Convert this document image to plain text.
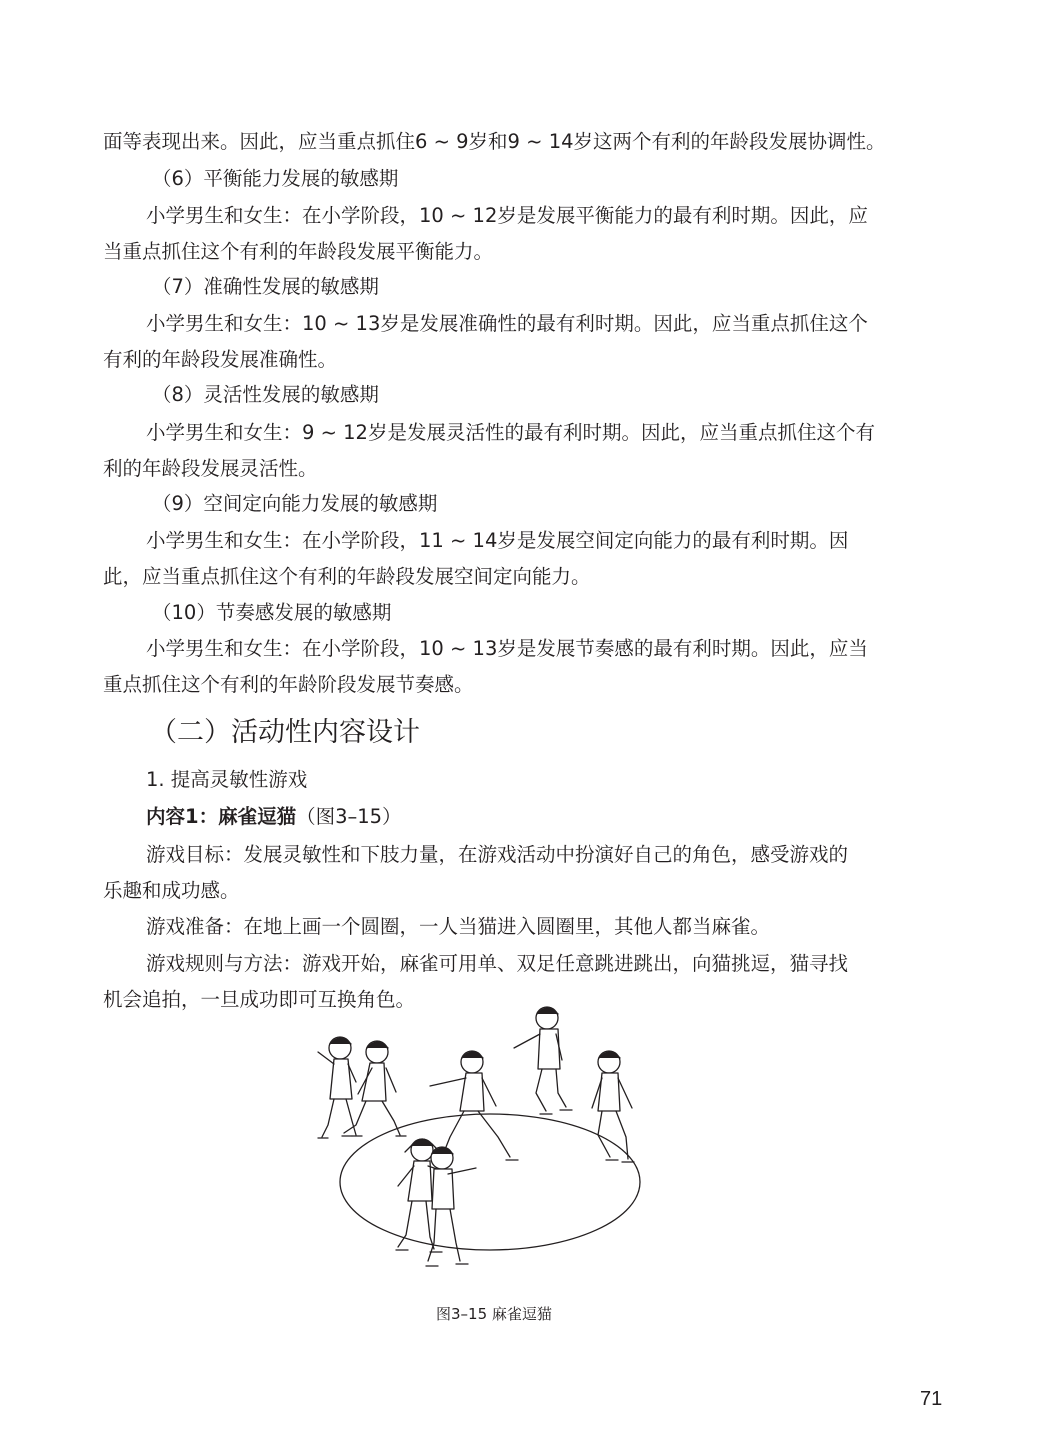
面等表现出来。因此，应当重点抓住6 ~ 9岁和9 ~ 14岁这两个有利的年龄段发展协调性。
（6）平衡能力发展的敏感期
小学男生和女生：在小学阶段，10 ~ 12岁是发展平衡能力的最有利时期。因此，应
当重点抓住这个有利的年龄段发展平衡能力。
（7）准确性发展的敏感期
小学男生和女生：10 ~ 13岁是发展准确性的最有利时期。因此，应当重点抓住这个
有利的年龄段发展准确性。
（8）灵活性发展的敏感期
小学男生和女生：9 ~ 12岁是发展灵活性的最有利时期。因此，应当重点抓住这个有
利的年龄段发展灵活性。
（9）空间定向能力发展的敏感期
小学男生和女生：在小学阶段，11 ~ 14岁是发展空间定向能力的最有利时期。因
此，应当重点抓住这个有利的年龄段发展空间定向能力。
（10）节奏感发展的敏感期
小学男生和女生：在小学阶段，10 ~ 13岁是发展节奏感的最有利时期。因此，应当
重点抓住这个有利的年龄阶段发展节奏感。
（二）活动性内容设计
1. 提高灵敏性游戏
内容1：麻雀逗猫（图3–15）
游戏目标：发展灵敏性和下肢力量，在游戏活动中扮演好自己的角色，感受游戏的
乐趣和成功感。
游戏准备：在地上画一个圆圈，一人当猫进入圆圈里，其他人都当麻雀。
游戏规则与方法：游戏开始，麻雀可用单、双足任意跳进跳出，向猫挑逗，猫寻找
机会追拍，一旦成功即可互换角色。
图3–15 麻雀逗猫
71
